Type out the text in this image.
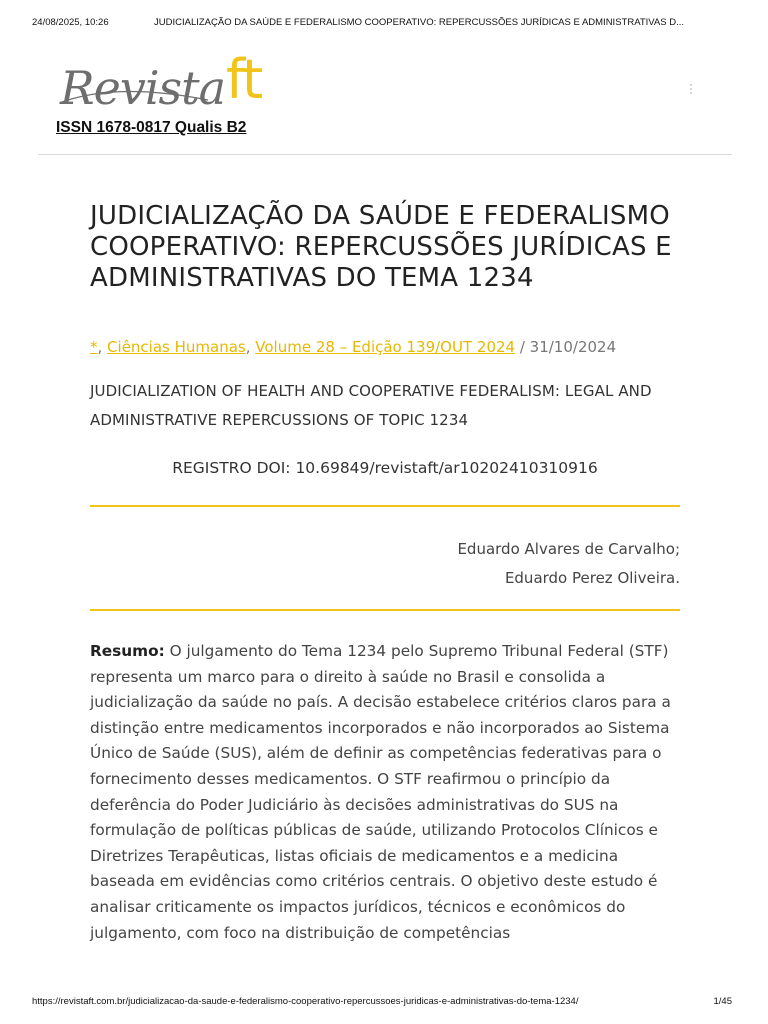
24/08/2025, 10:26	JUDICIALIZAÇÃO DA SAÚDE E FEDERALISMO COOPERATIVO: REPERCUSSÕES JURÍDICAS E ADMINISTRATIVAS D...
Revista ft
ISSN 1678-0817 Qualis B2
JUDICIALIZAÇÃO DA SAÚDE E FEDERALISMO COOPERATIVO: REPERCUSSÕES JURÍDICAS E ADMINISTRATIVAS DO TEMA 1234
*, Ciências Humanas, Volume 28 – Edição 139/OUT 2024 / 31/10/2024
JUDICIALIZATION OF HEALTH AND COOPERATIVE FEDERALISM: LEGAL AND ADMINISTRATIVE REPERCUSSIONS OF TOPIC 1234
REGISTRO DOI: 10.69849/revistaft/ar10202410310916
Eduardo Alvares de Carvalho;
Eduardo Perez Oliveira.

Resumo: O julgamento do Tema 1234 pelo Supremo Tribunal Federal (STF) representa um marco para o direito à saúde no Brasil e consolida a judicialização da saúde no país. A decisão estabelece critérios claros para a distinção entre medicamentos incorporados e não incorporados ao Sistema Único de Saúde (SUS), além de definir as competências federativas para o fornecimento desses medicamentos. O STF reafirmou o princípio da deferência do Poder Judiciário às decisões administrativas do SUS na formulação de políticas públicas de saúde, utilizando Protocolos Clínicos e Diretrizes Terapêuticas, listas oficiais de medicamentos e a medicina baseada em evidências como critérios centrais. O objetivo deste estudo é analisar criticamente os impactos jurídicos, técnicos e econômicos do julgamento, com foco na distribuição de competências

https://revistaft.com.br/judicializacao-da-saude-e-federalismo-cooperativo-repercussoes-juridicas-e-administrativas-do-tema-1234/	1/45
